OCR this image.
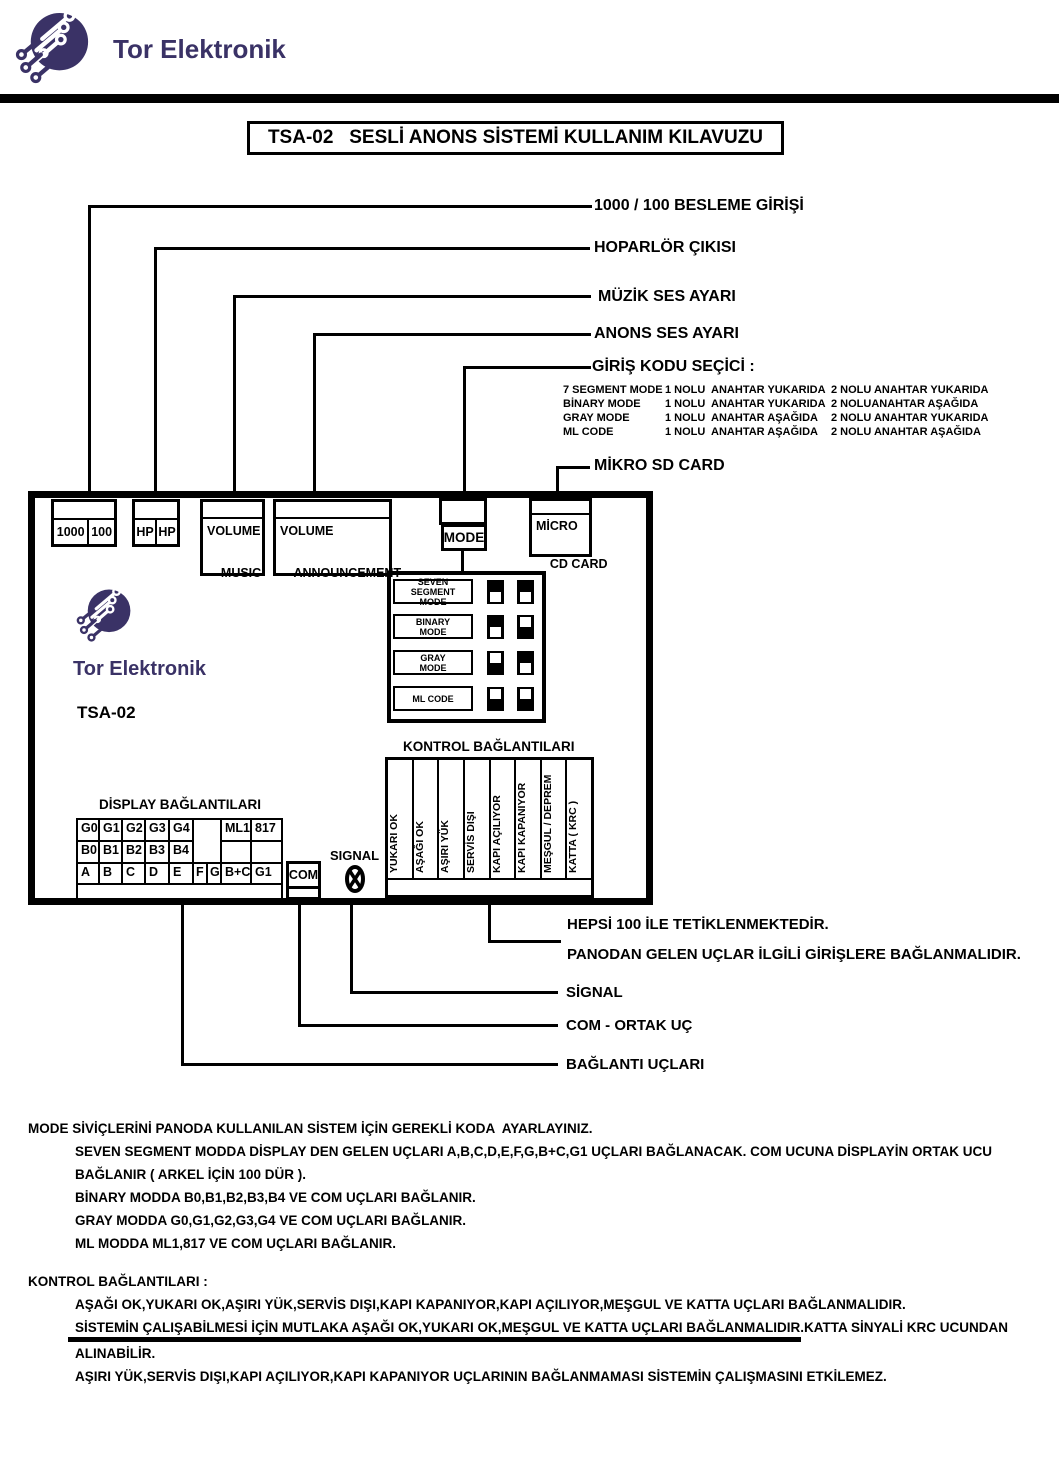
Tor Elektronik
TSA-02   SESLİ ANONS SİSTEMİ KULLANIM KILAVUZU
1000 / 100 BESLEME GİRİŞİ
HOPARLÖR ÇIKISI
MÜZİK SES AYARI
ANONS SES AYARI
GİRİŞ KODU SEÇİCİ :
MİKRO SD CARD
7 SEGMENT MODE 1 NOLU  ANAHTAR YUKARIDA 2 NOLU ANAHTAR YUKARIDA
BİNARY MODE 1 NOLU  ANAHTAR YUKARIDA 2 NOLUANAHTAR AŞAĞIDA
GRAY MODE	1 NOLU  ANAHTAR AŞAĞIDA 2 NOLU ANAHTAR YUKARIDA
ML CODE	1 NOLU  ANAHTAR AŞAĞIDA 2 NOLU ANAHTAR AŞAĞIDA
1000 100 HP HP	VOLUME

MUSIC
VOLUME

ANNOUNCEMENT
MODE
MİCRO

CD CARD
SEVEN SEGMENT
MODE
BINARY
MODE
GRAY
MODE
ML CODE
Tor Elektronik
TSA-02
KONTROL BAĞLANTILARI
YUKARI OK	AŞAĞI OK	AŞIRI YÜK	SERVİS DIŞI	KAPI AÇILIYOR	KAPI KAPANIYOR	MEŞGUL / DEPREM	KATTA ( KRC )
DİSPLAY BAĞLANTILARI
G0 G1 G2 G3 G4	ML1 817
B0 B1 B2 B3 B4
A	B	C	D	E	F G B+C G1	COM
SIGNAL
HEPSİ 100 İLE TETİKLENMEKTEDİR.
PANODAN GELEN UÇLAR İLGİLİ GİRİŞLERE BAĞLANMALIDIR.
SİGNAL
COM - ORTAK UÇ
BAĞLANTI UÇLARI
MODE SİVİÇLERİNİ PANODA KULLANILAN SİSTEM İÇİN GEREKLİ KODA  AYARLAYINIZ.
SEVEN SEGMENT MODDA DİSPLAY DEN GELEN UÇLARI A,B,C,D,E,F,G,B+C,G1 UÇLARI BAĞLANACAK. COM UCUNA DİSPLAYİN ORTAK UCU
BAĞLANIR ( ARKEL İÇİN 100 DÜR ).
BİNARY MODDA B0,B1,B2,B3,B4 VE COM UÇLARI BAĞLANIR.
GRAY MODDA G0,G1,G2,G3,G4 VE COM UÇLARI BAĞLANIR.
ML MODDA ML1,817 VE COM UÇLARI BAĞLANIR.
KONTROL BAĞLANTILARI :
AŞAĞI OK,YUKARI OK,AŞIRI YÜK,SERVİS DIŞI,KAPI KAPANIYOR,KAPI AÇILIYOR,MEŞGUL VE KATTA UÇLARI BAĞLANMALIDIR.
SİSTEMİN ÇALIŞABİLMESİ İÇİN MUTLAKA AŞAĞI OK,YUKARI OK,MEŞGUL VE KATTA UÇLARI BAĞLANMALIDIR.KATTA SİNYALİ KRC UCUNDAN
ALINABİLİR.
AŞIRI YÜK,SERVİS DIŞI,KAPI AÇILIYOR,KAPI KAPANIYOR UÇLARININ BAĞLANMAMASI SİSTEMİN ÇALIŞMASINI ETKİLEMEZ.
